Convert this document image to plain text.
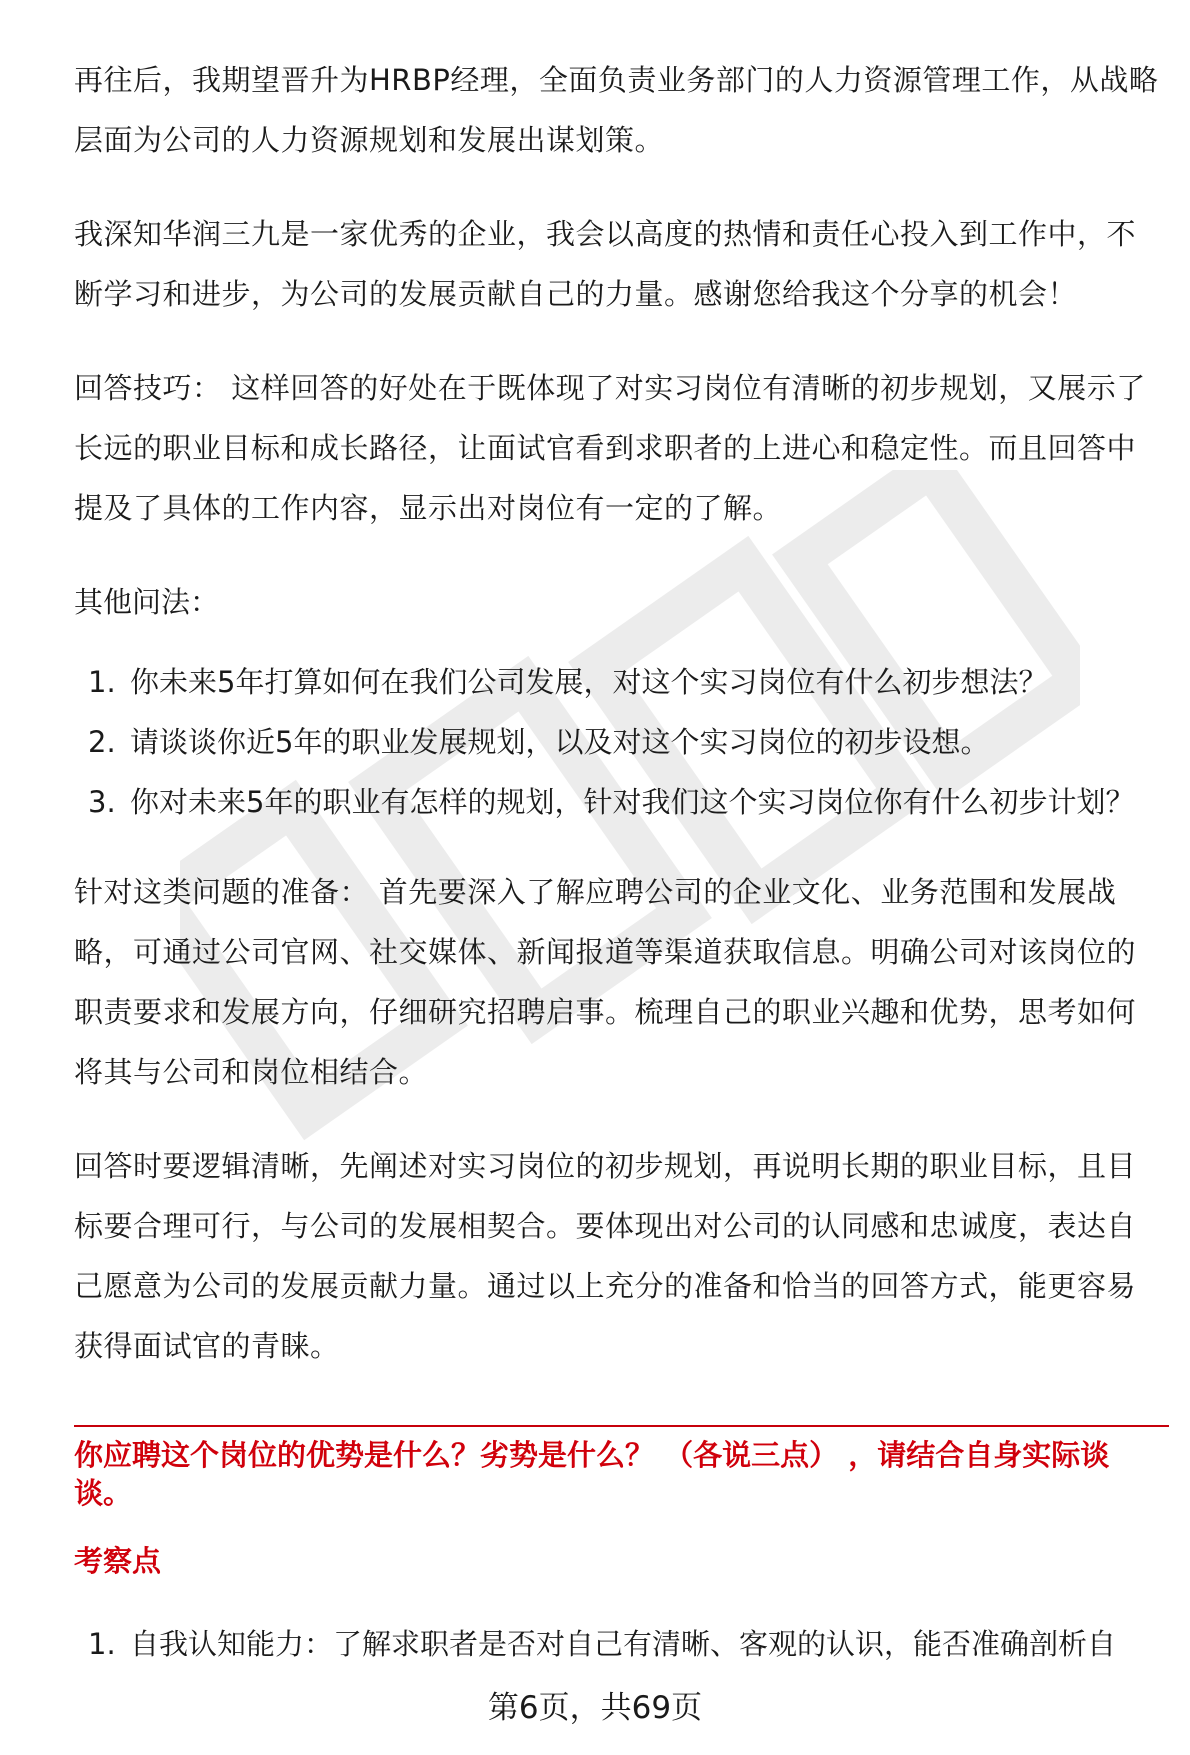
再往后，我期望晋升为HRBP经理，全面负责业务部门的人力资源管理工作，从战略层面为公司的人力资源规划和发展出谋划策。

我深知华润三九是一家优秀的企业，我会以高度的热情和责任心投入到工作中，不断学习和进步，为公司的发展贡献自己的力量。感谢您给我这个分享的机会！

回答技巧： 这样回答的好处在于既体现了对实习岗位有清晰的初步规划，又展示了长远的职业目标和成长路径，让面试官看到求职者的上进心和稳定性。而且回答中提及了具体的工作内容，显示出对岗位有一定的了解。

其他问法：

1. 你未来5年打算如何在我们公司发展，对这个实习岗位有什么初步想法？
2. 请谈谈你近5年的职业发展规划，以及对这个实习岗位的初步设想。
3. 你对未来5年的职业有怎样的规划，针对我们这个实习岗位你有什么初步计划？

针对这类问题的准备： 首先要深入了解应聘公司的企业文化、业务范围和发展战略，可通过公司官网、社交媒体、新闻报道等渠道获取信息。明确公司对该岗位的职责要求和发展方向，仔细研究招聘启事。梳理自己的职业兴趣和优势，思考如何将其与公司和岗位相结合。

回答时要逻辑清晰，先阐述对实习岗位的初步规划，再说明长期的职业目标，且目标要合理可行，与公司的发展相契合。要体现出对公司的认同感和忠诚度，表达自己愿意为公司的发展贡献力量。通过以上充分的准备和恰当的回答方式，能更容易获得面试官的青睐。

你应聘这个岗位的优势是什么？劣势是什么？ （各说三点） ，请结合自身实际谈谈。
考察点
1. 自我认知能力：了解求职者是否对自己有清晰、客观的认识，能否准确剖析自
第6页，共69页
